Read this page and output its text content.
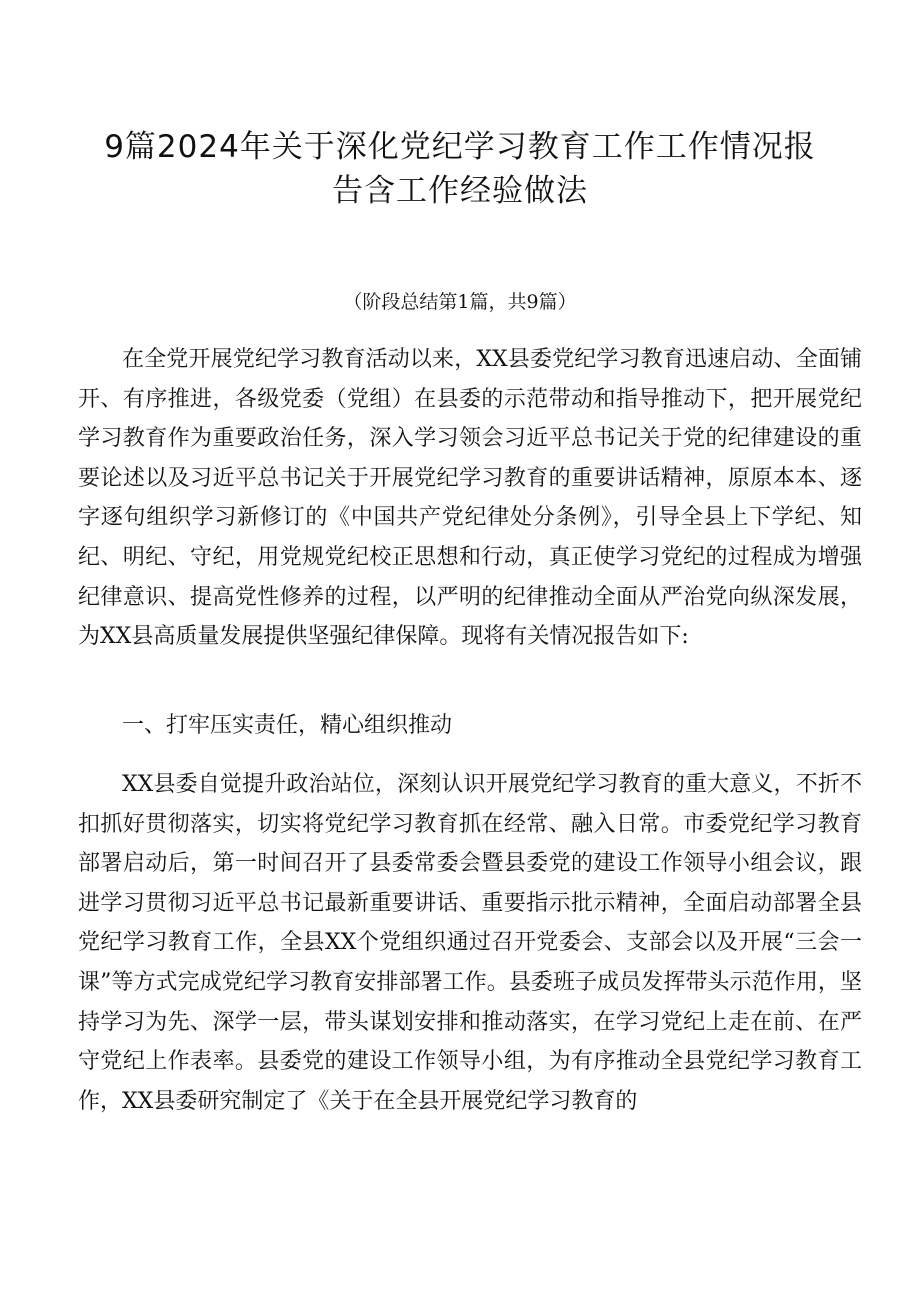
9篇2024年关于深化党纪学习教育工作工作情况报
告含工作经验做法

（阶段总结第1篇，共9篇）

在全党开展党纪学习教育活动以来，XX县委党纪学习教育迅速启动、全面铺开、有序推进，各级党委（党组）在县委的示范带动和指导推动下，把开展党纪学习教育作为重要政治任务，深入学习领会习近平总书记关于党的纪律建设的重要论述以及习近平总书记关于开展党纪学习教育的重要讲话精神，原原本本、逐字逐句组织学习新修订的《中国共产党纪律处分条例》，引导全县上下学纪、知纪、明纪、守纪，用党规党纪校正思想和行动，真正使学习党纪的过程成为增强纪律意识、提高党性修养的过程，以严明的纪律推动全面从严治党向纵深发展，为XX县高质量发展提供坚强纪律保障。现将有关情况报告如下:

一、打牢压实责任，精心组织推动

XX县委自觉提升政治站位，深刻认识开展党纪学习教育的重大意义，不折不扣抓好贯彻落实，切实将党纪学习教育抓在经常、融入日常。市委党纪学习教育部署启动后，第一时间召开了县委常委会暨县委党的建设工作领导小组会议，跟进学习贯彻习近平总书记最新重要讲话、重要指示批示精神，全面启动部署全县党纪学习教育工作，全县XX个党组织通过召开党委会、支部会以及开展“三会一课”等方式完成党纪学习教育安排部署工作。县委班子成员发挥带头示范作用，坚持学习为先、深学一层，带头谋划安排和推动落实，在学习党纪上走在前、在严守党纪上作表率。县委党的建设工作领导小组，为有序推动全县党纪学习教育工作，XX县委研究制定了《关于在全县开展党纪学习教育的
